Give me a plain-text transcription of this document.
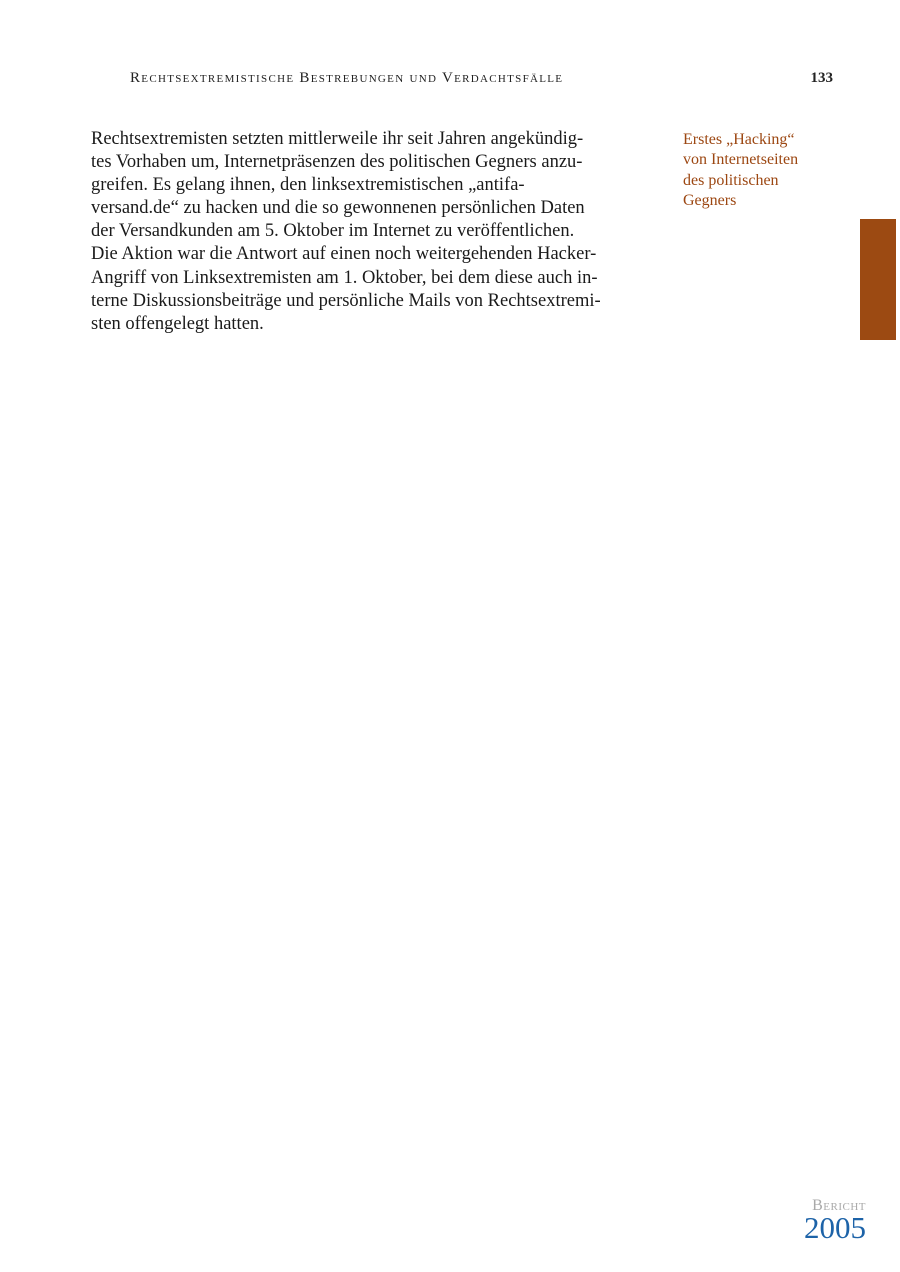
Rechtsextremistische Bestrebungen und Verdachtsfälle	133
Rechtsextremisten setzten mittlerweile ihr seit Jahren angekündig-
tes Vorhaben um, Internetpräsenzen des politischen Gegners anzu-
greifen. Es gelang ihnen, den linksextremistischen „antifa-
versand.de“ zu hacken und die so gewonnenen persönlichen Daten
der Versandkunden am 5. Oktober im Internet zu veröffentlichen.
Die Aktion war die Antwort auf einen noch weitergehenden Hacker-
Angriff von Linksextremisten am 1. Oktober, bei dem diese auch in-
terne Diskussionsbeiträge und persönliche Mails von Rechtsextremi-
sten offengelegt hatten.
Erstes „Hacking“
von Internetseiten
des politischen
Gegners
Bericht
2005
